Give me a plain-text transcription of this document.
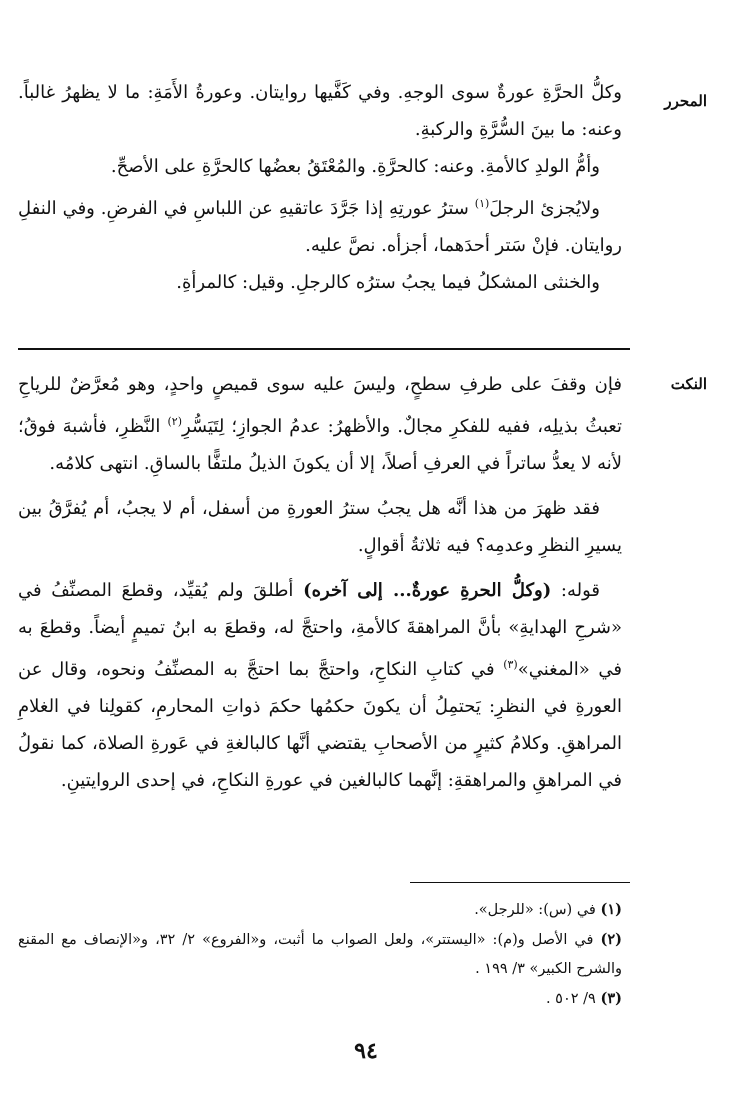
المحرر

وكلُّ الحرَّةِ عورةٌ سوى الوجهِ. وفي كَفَّيها روايتان. وعورةُ الأَمَةِ: ما لا يظهرُ غالباً. وعنه: ما بينَ السُّرَّةِ والركبةِ.

وأمُّ الولدِ كالأمةِ. وعنه: كالحرَّةِ. والمُعْتَقُ بعضُها كالحرَّةِ على الأصحِّ.

ولايُجزئ الرجلَ$^{(١)}$ سترُ عورتِهِ إذا جَرَّدَ عاتقيهِ عن اللباسِ في الفرضِ. وفي النفلِ روايتان. فإنْ سَتر أحدَهما، أجزأه. نصَّ عليه.

والخنثى المشكلُ فيما يجبُ سترُه كالرجلِ. وقيل: كالمرأةِ.

النكت

فإن وقفَ على طرفِ سطحٍ، وليسَ عليه سوى قميصٍ واحدٍ، وهو مُعرَّضٌ للرياحِ تعبثُ بذيلِه، ففيه للفكرِ مجالٌ. والأظهرُ: عدمُ الجوازِ؛ لِتَيَسُّرِ$^{(٢)}$ النَّظرِ، فأشبهَ فوقُ؛ لأنه لا يعدُّ ساتراً في العرفِ أصلاً، إلا أن يكونَ الذيلُ ملتفًّا بالساقِ. انتهى كلامُه.

فقد ظهرَ من هذا أنَّه هل يجبُ سترُ العورةِ من أسفل، أم لا يجبُ، أم يُفرَّقُ بين يسيرِ النظرِ وعدمِه؟ فيه ثلاثةُ أقوالٍ.

قوله: (وكلُّ الحرةِ عورةٌ... إلى آخره) أطلقَ ولم يُقيِّد، وقطعَ المصنِّفُ في «شرحِ الهدايةِ» بأنَّ المراهقةَ كالأمةِ، واحتجَّ له، وقطعَ به ابنُ تميمٍ أيضاً. وقطعَ به في «المغني»$^{(٣)}$ في كتابِ النكاحِ، واحتجَّ بما احتجَّ به المصنِّفُ ونحوه، وقال عن العورةِ في النظرِ: يَحتمِلُ أن يكونَ حكمُها حكمَ ذواتِ المحارمِ، كقولِنا في الغلامِ المراهقِ. وكلامُ كثيرٍ من الأصحابِ يقتضي أنَّها كالبالغةِ في عَورةِ الصلاة، كما نقولُ في المراهقِ والمراهقةِ: إنَّهما كالبالغين في عورةِ النكاحِ، في إحدى الروايتينِ.

(١) في (س): «للرجل».

(٢) في الأصل و(م): «اليستتر»، ولعل الصواب ما أثبت، و«الفروع» ٢/ ٣٢، و«الإنصاف مع المقنع والشرح الكبير» ٣/ ١٩٩ .

(٣) ٩/ ٥٠٢ .

٩٤
